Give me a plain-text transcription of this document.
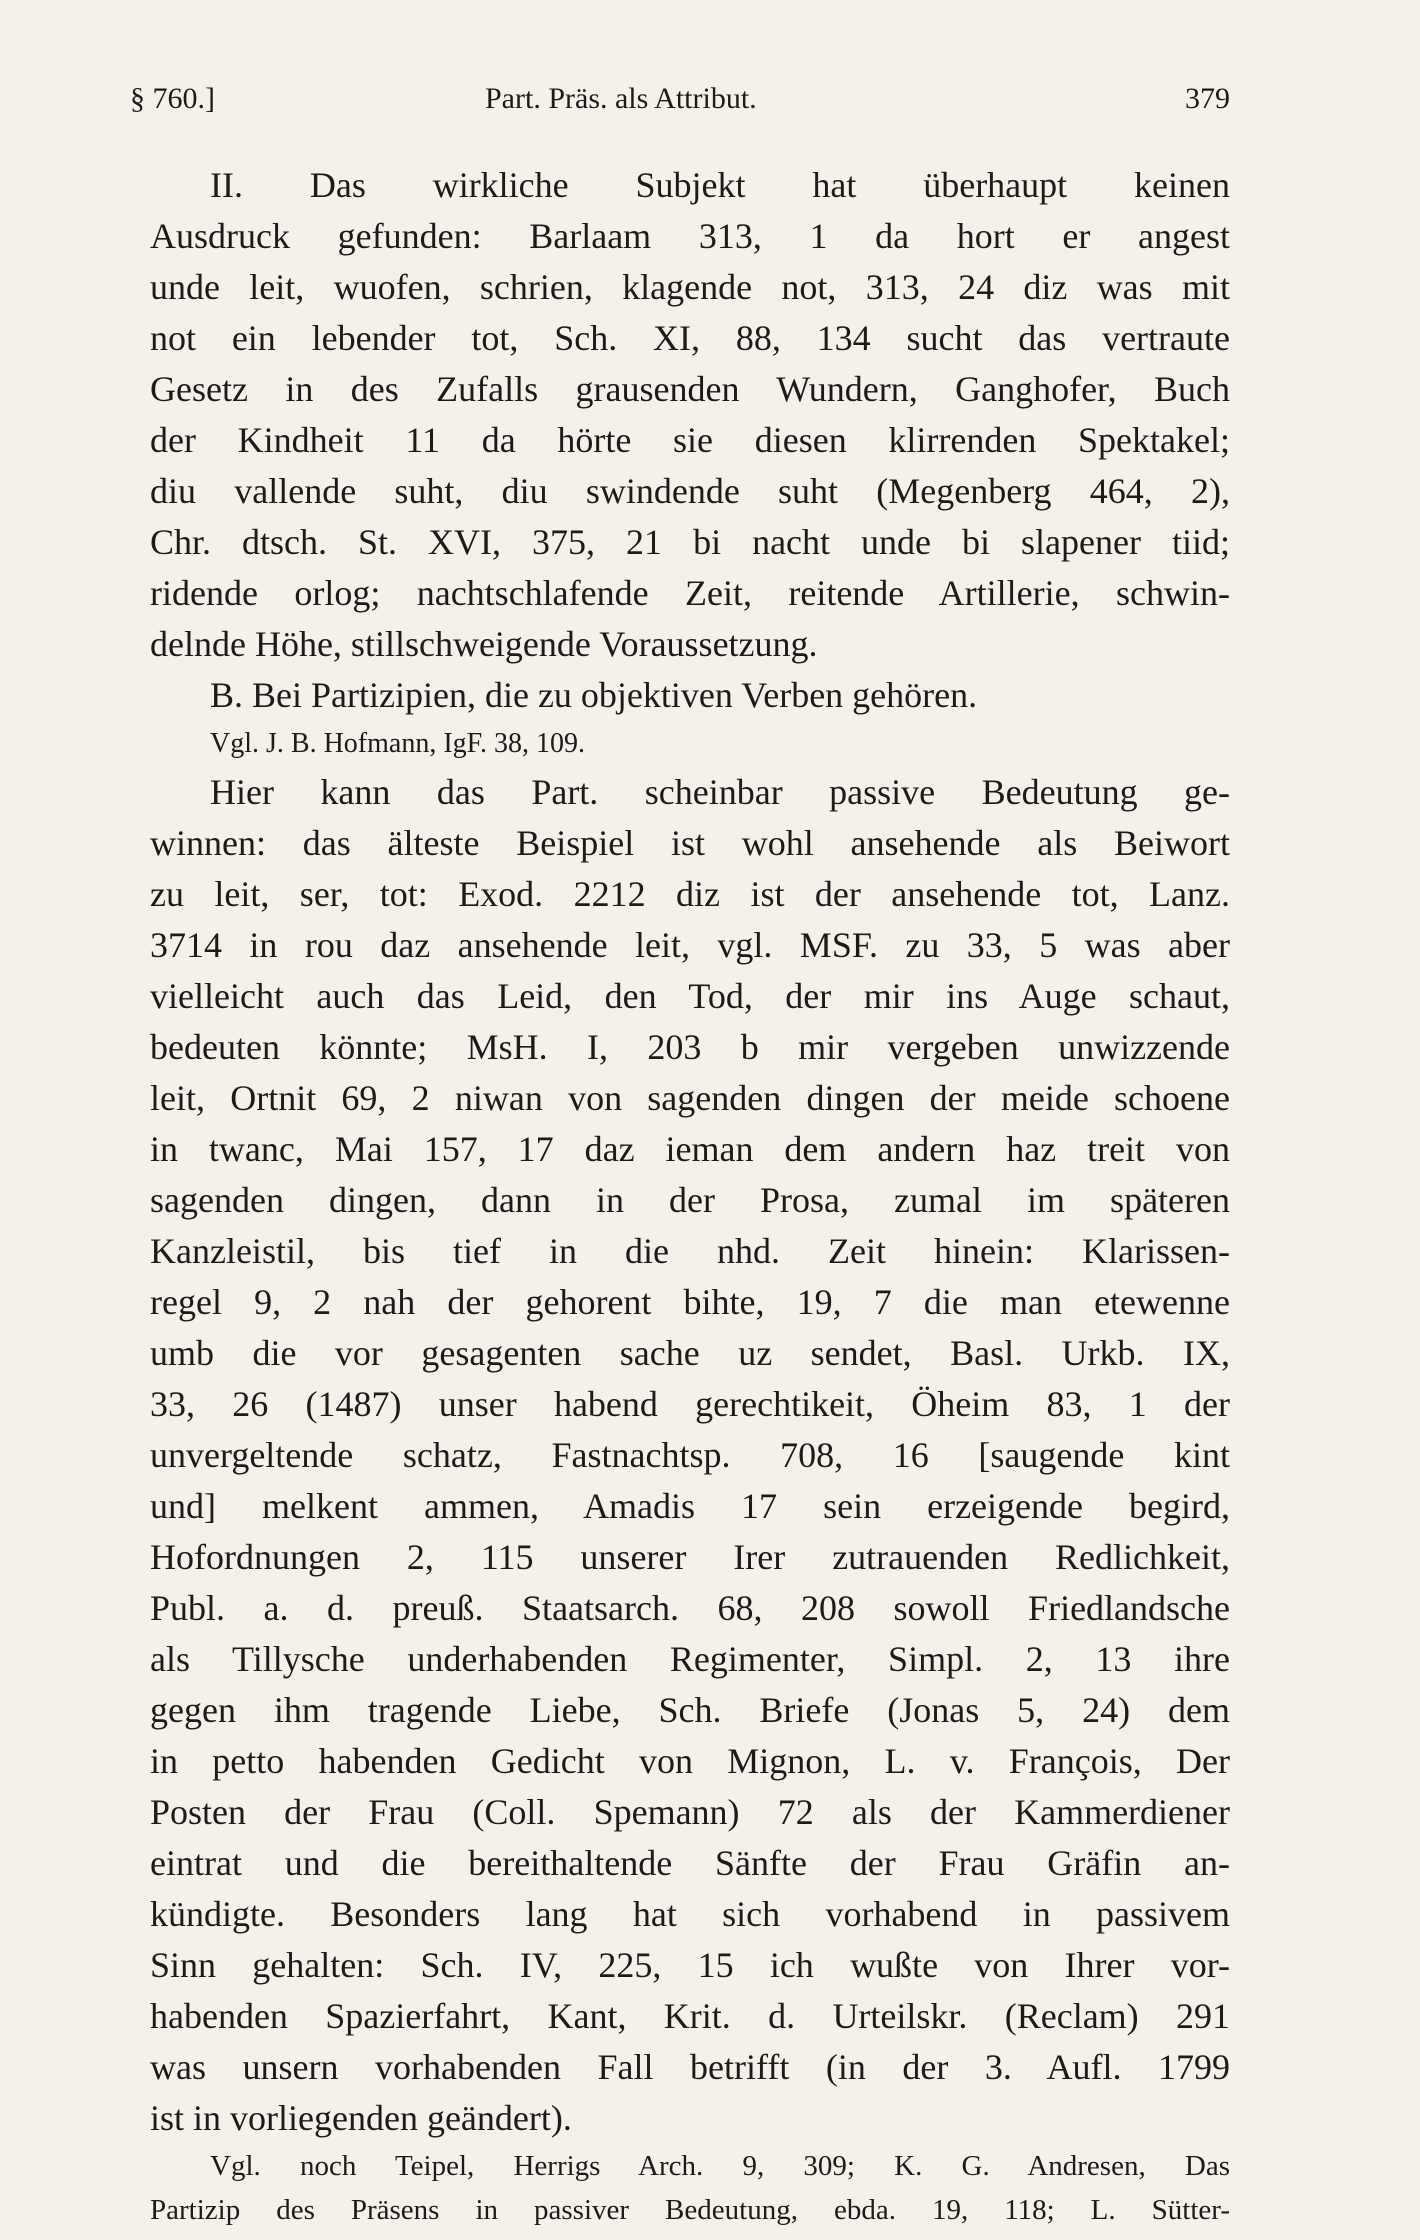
§ 760.]	Part. Präs. als Attribut.	379
II. Das wirkliche Subjekt hat überhaupt keinen
Ausdruck gefunden: Barlaam 313, 1 da hort er angest
unde leit, wuofen, schrien, klagende not, 313, 24 diz was mit
not ein lebender tot, Sch. XI, 88, 134 sucht das vertraute
Gesetz in des Zufalls grausenden Wundern, Ganghofer, Buch
der Kindheit 11 da hörte sie diesen klirrenden Spektakel;
diu vallende suht, diu swindende suht (Megenberg 464, 2),
Chr. dtsch. St. XVI, 375, 21 bi nacht unde bi slapener tiid;
ridende orlog; nachtschlafende Zeit, reitende Artillerie, schwin-
delnde Höhe, stillschweigende Voraussetzung.
B. Bei Partizipien, die zu objektiven Verben gehören.
Vgl. J. B. Hofmann, IgF. 38, 109.
Hier kann das Part. scheinbar passive Bedeutung ge-
winnen: das älteste Beispiel ist wohl ansehende als Beiwort
zu leit, ser, tot: Exod. 2212 diz ist der ansehende tot, Lanz.
3714 in rou daz ansehende leit, vgl. MSF. zu 33, 5 was aber
vielleicht auch das Leid, den Tod, der mir ins Auge schaut,
bedeuten könnte; MsH. I, 203 b mir vergeben unwizzende
leit, Ortnit 69, 2 niwan von sagenden dingen der meide schoene
in twanc, Mai 157, 17 daz ieman dem andern haz treit von
sagenden dingen, dann in der Prosa, zumal im späteren
Kanzleistil, bis tief in die nhd. Zeit hinein: Klarissen-
regel 9, 2 nah der gehorent bihte, 19, 7 die man etewenne
umb die vor gesagenten sache uz sendet, Basl. Urkb. IX,
33, 26 (1487) unser habend gerechtikeit, Öheim 83, 1 der
unvergeltende schatz, Fastnachtsp. 708, 16 [saugende kint
und] melkent ammen, Amadis 17 sein erzeigende begird,
Hofordnungen 2, 115 unserer Irer zutrauenden Redlichkeit,
Publ. a. d. preuß. Staatsarch. 68, 208 sowoll Friedlandsche
als Tillysche underhabenden Regimenter, Simpl. 2, 13 ihre
gegen ihm tragende Liebe, Sch. Briefe (Jonas 5, 24) dem
in petto habenden Gedicht von Mignon, L. v. François, Der
Posten der Frau (Coll. Spemann) 72 als der Kammerdiener
eintrat und die bereithaltende Sänfte der Frau Gräfin an-
kündigte. Besonders lang hat sich vorhabend in passivem
Sinn gehalten: Sch. IV, 225, 15 ich wußte von Ihrer vor-
habenden Spazierfahrt, Kant, Krit. d. Urteilskr. (Reclam) 291
was unsern vorhabenden Fall betrifft (in der 3. Aufl. 1799
ist in vorliegenden geändert).
Vgl. noch Teipel, Herrigs Arch. 9, 309; K. G. Andresen, Das
Partizip des Präsens in passiver Bedeutung, ebda. 19, 118; L. Sütter-
